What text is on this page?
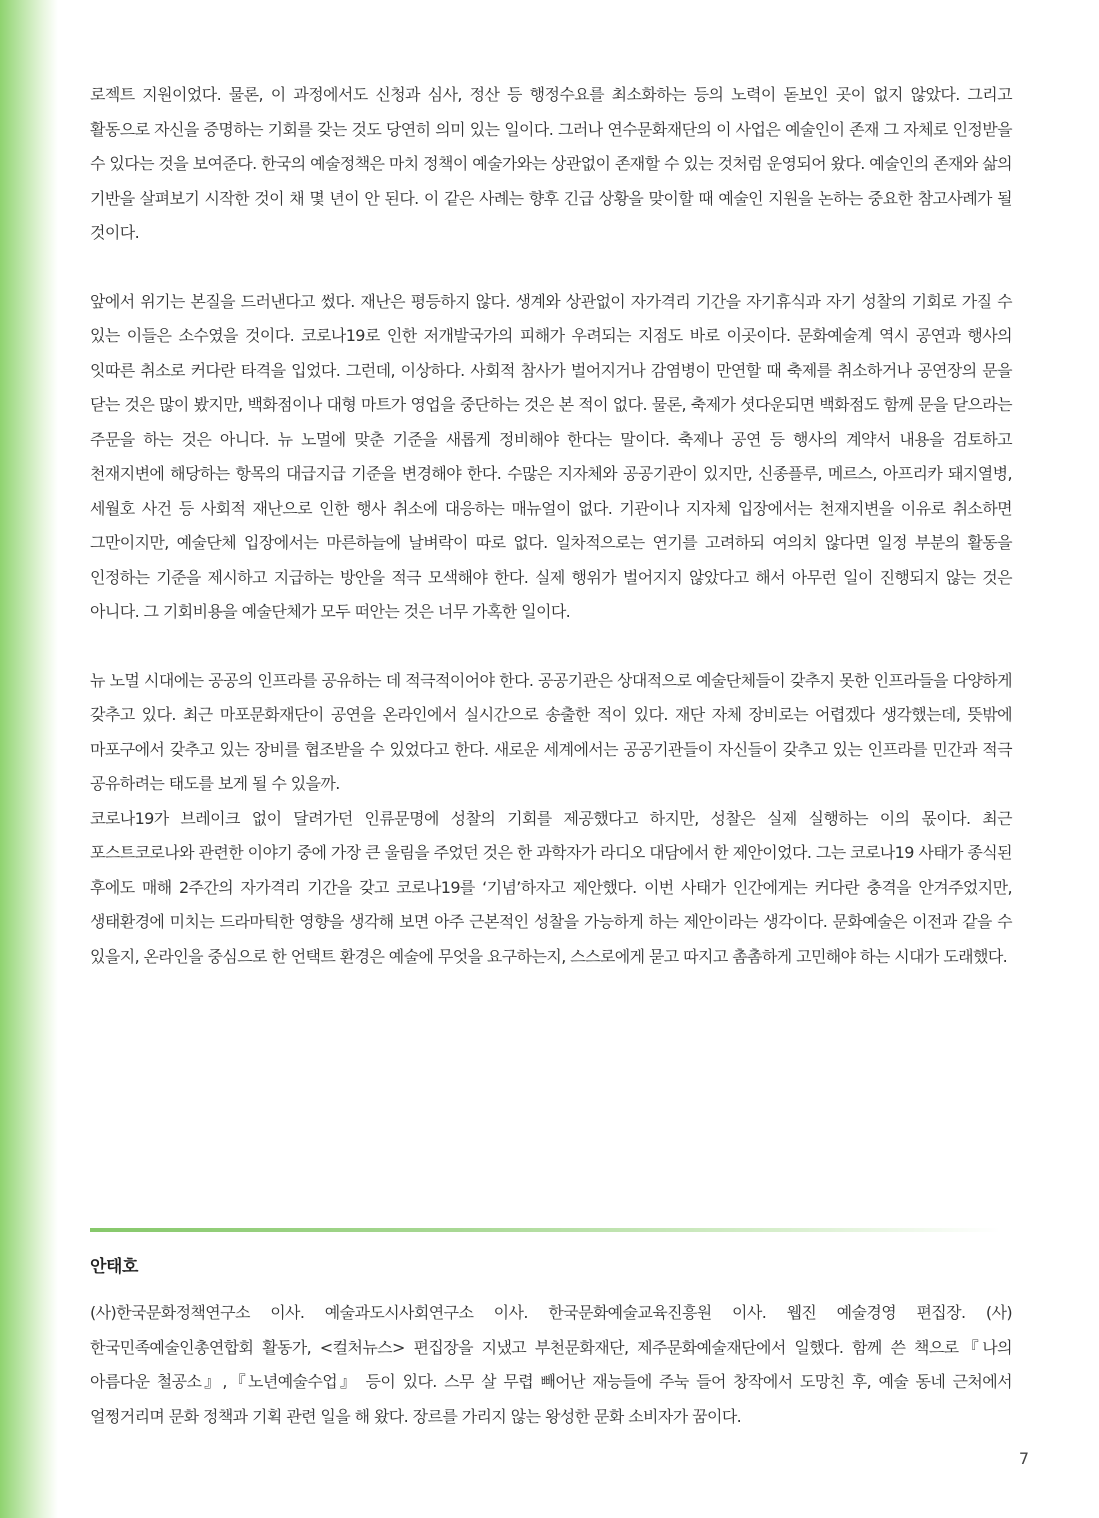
로젝트 지원이었다. 물론, 이 과정에서도 신청과 심사, 정산 등 행정수요를 최소화하는 등의 노력이 돋보인 곳이 없지 않았다. 그리고 활동으로 자신을 증명하는 기회를 갖는 것도 당연히 의미 있는 일이다. 그러나 연수문화재단의 이 사업은 예술인이 존재 그 자체로 인정받을 수 있다는 것을 보여준다. 한국의 예술정책은 마치 정책이 예술가와는 상관없이 존재할 수 있는 것처럼 운영되어 왔다. 예술인의 존재와 삶의 기반을 살펴보기 시작한 것이 채 몇 년이 안 된다. 이 같은 사례는 향후 긴급 상황을 맞이할 때 예술인 지원을 논하는 중요한 참고사례가 될 것이다.

앞에서 위기는 본질을 드러낸다고 썼다. 재난은 평등하지 않다. 생계와 상관없이 자가격리 기간을 자기휴식과 자기 성찰의 기회로 가질 수 있는 이들은 소수였을 것이다. 코로나19로 인한 저개발국가의 피해가 우려되는 지점도 바로 이곳이다. 문화예술계 역시 공연과 행사의 잇따른 취소로 커다란 타격을 입었다. 그런데, 이상하다. 사회적 참사가 벌어지거나 감염병이 만연할 때 축제를 취소하거나 공연장의 문을 닫는 것은 많이 봤지만, 백화점이나 대형 마트가 영업을 중단하는 것은 본 적이 없다. 물론, 축제가 셧다운되면 백화점도 함께 문을 닫으라는 주문을 하는 것은 아니다. 뉴 노멀에 맞춘 기준을 새롭게 정비해야 한다는 말이다. 축제나 공연 등 행사의 계약서 내용을 검토하고 천재지변에 해당하는 항목의 대급지급 기준을 변경해야 한다. 수많은 지자체와 공공기관이 있지만, 신종플루, 메르스, 아프리카 돼지열병, 세월호 사건 등 사회적 재난으로 인한 행사 취소에 대응하는 매뉴얼이 없다. 기관이나 지자체 입장에서는 천재지변을 이유로 취소하면 그만이지만, 예술단체 입장에서는 마른하늘에 날벼락이 따로 없다. 일차적으로는 연기를 고려하되 여의치 않다면 일정 부분의 활동을 인정하는 기준을 제시하고 지급하는 방안을 적극 모색해야 한다. 실제 행위가 벌어지지 않았다고 해서 아무런 일이 진행되지 않는 것은 아니다. 그 기회비용을 예술단체가 모두 떠안는 것은 너무 가혹한 일이다.

뉴 노멀 시대에는 공공의 인프라를 공유하는 데 적극적이어야 한다. 공공기관은 상대적으로 예술단체들이 갖추지 못한 인프라들을 다양하게 갖추고 있다. 최근 마포문화재단이 공연을 온라인에서 실시간으로 송출한 적이 있다. 재단 자체 장비로는 어렵겠다 생각했는데, 뜻밖에 마포구에서 갖추고 있는 장비를 협조받을 수 있었다고 한다. 새로운 세계에서는 공공기관들이 자신들이 갖추고 있는 인프라를 민간과 적극 공유하려는 태도를 보게 될 수 있을까.

코로나19가 브레이크 없이 달려가던 인류문명에 성찰의 기회를 제공했다고 하지만, 성찰은 실제 실행하는 이의 몫이다. 최근 포스트코로나와 관련한 이야기 중에 가장 큰 울림을 주었던 것은 한 과학자가 라디오 대담에서 한 제안이었다. 그는 코로나19 사태가 종식된 후에도 매해 2주간의 자가격리 기간을 갖고 코로나19를 ‘기념’하자고 제안했다. 이번 사태가 인간에게는 커다란 충격을 안겨주었지만, 생태환경에 미치는 드라마틱한 영향을 생각해 보면 아주 근본적인 성찰을 가능하게 하는 제안이라는 생각이다. 문화예술은 이전과 같을 수 있을지, 온라인을 중심으로 한 언택트 환경은 예술에 무엇을 요구하는지, 스스로에게 묻고 따지고 촘촘하게 고민해야 하는 시대가 도래했다.

안태호

(사)한국문화정책연구소 이사. 예술과도시사회연구소 이사. 한국문화예술교육진흥원 이사. 웹진 예술경영 편집장. (사)한국민족예술인총연합회 활동가, <컬처뉴스> 편집장을 지냈고 부천문화재단, 제주문화예술재단에서 일했다. 함께 쓴 책으로『나의 아름다운 철공소』,『노년예술수업』 등이 있다. 스무 살 무렵 빼어난 재능들에 주눅 들어 창작에서 도망친 후, 예술 동네 근처에서 얼쩡거리며 문화 정책과 기획 관련 일을 해 왔다. 장르를 가리지 않는 왕성한 문화 소비자가 꿈이다.

7
